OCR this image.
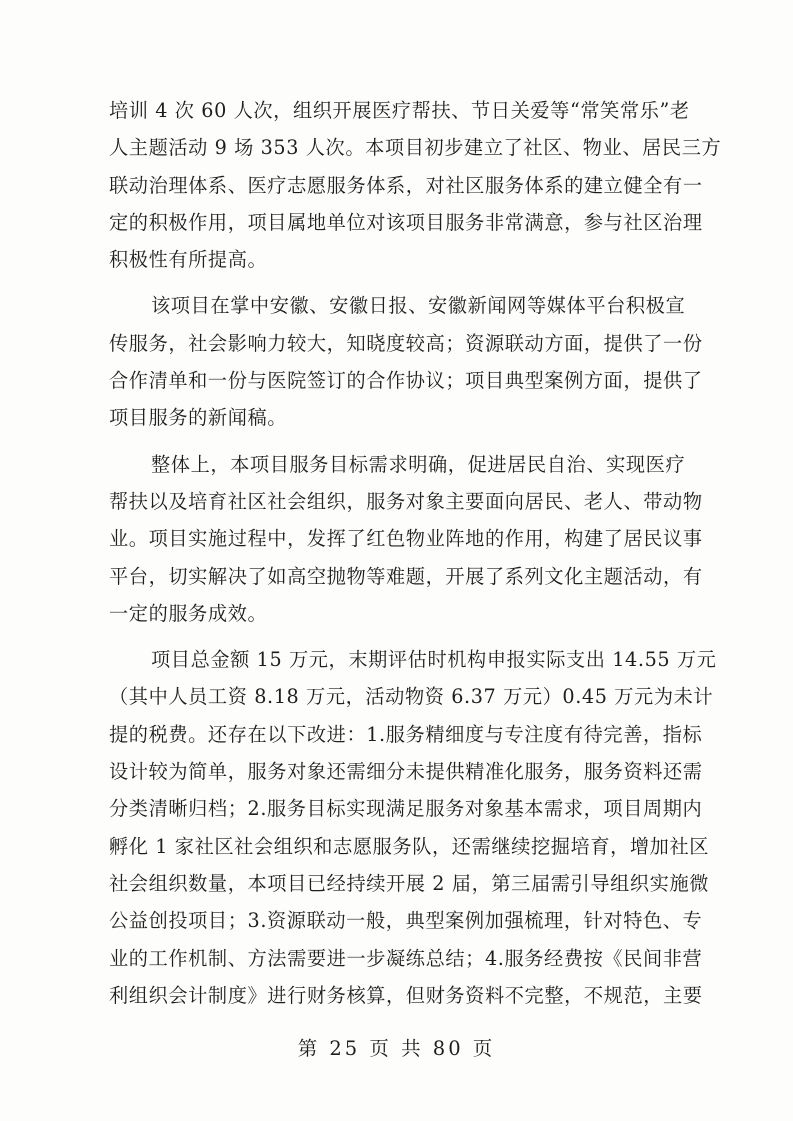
培训 4 次 60 人次，组织开展医疗帮扶、节日关爱等“常笑常乐”老
人主题活动 9 场 353 人次。本项目初步建立了社区、物业、居民三方
联动治理体系、医疗志愿服务体系，对社区服务体系的建立健全有一
定的积极作用，项目属地单位对该项目服务非常满意，参与社区治理
积极性有所提高。

该项目在掌中安徽、安徽日报、安徽新闻网等媒体平台积极宣
传服务，社会影响力较大，知晓度较高；资源联动方面，提供了一份
合作清单和一份与医院签订的合作协议；项目典型案例方面，提供了
项目服务的新闻稿。

整体上，本项目服务目标需求明确，促进居民自治、实现医疗
帮扶以及培育社区社会组织，服务对象主要面向居民、老人、带动物
业。项目实施过程中，发挥了红色物业阵地的作用，构建了居民议事
平台，切实解决了如高空抛物等难题，开展了系列文化主题活动，有
一定的服务成效。

项目总金额 15 万元，末期评估时机构申报实际支出 14.55 万元
（其中人员工资 8.18 万元，活动物资 6.37 万元）0.45 万元为未计
提的税费。还存在以下改进：1.服务精细度与专注度有待完善，指标
设计较为简单，服务对象还需细分未提供精准化服务，服务资料还需
分类清晰归档；2.服务目标实现满足服务对象基本需求，项目周期内
孵化 1 家社区社会组织和志愿服务队，还需继续挖掘培育，增加社区
社会组织数量，本项目已经持续开展 2 届，第三届需引导组织实施微
公益创投项目；3.资源联动一般，典型案例加强梳理，针对特色、专
业的工作机制、方法需要进一步凝练总结；4.服务经费按《民间非营
利组织会计制度》进行财务核算，但财务资料不完整，不规范，主要

第 25 页 共 80 页
